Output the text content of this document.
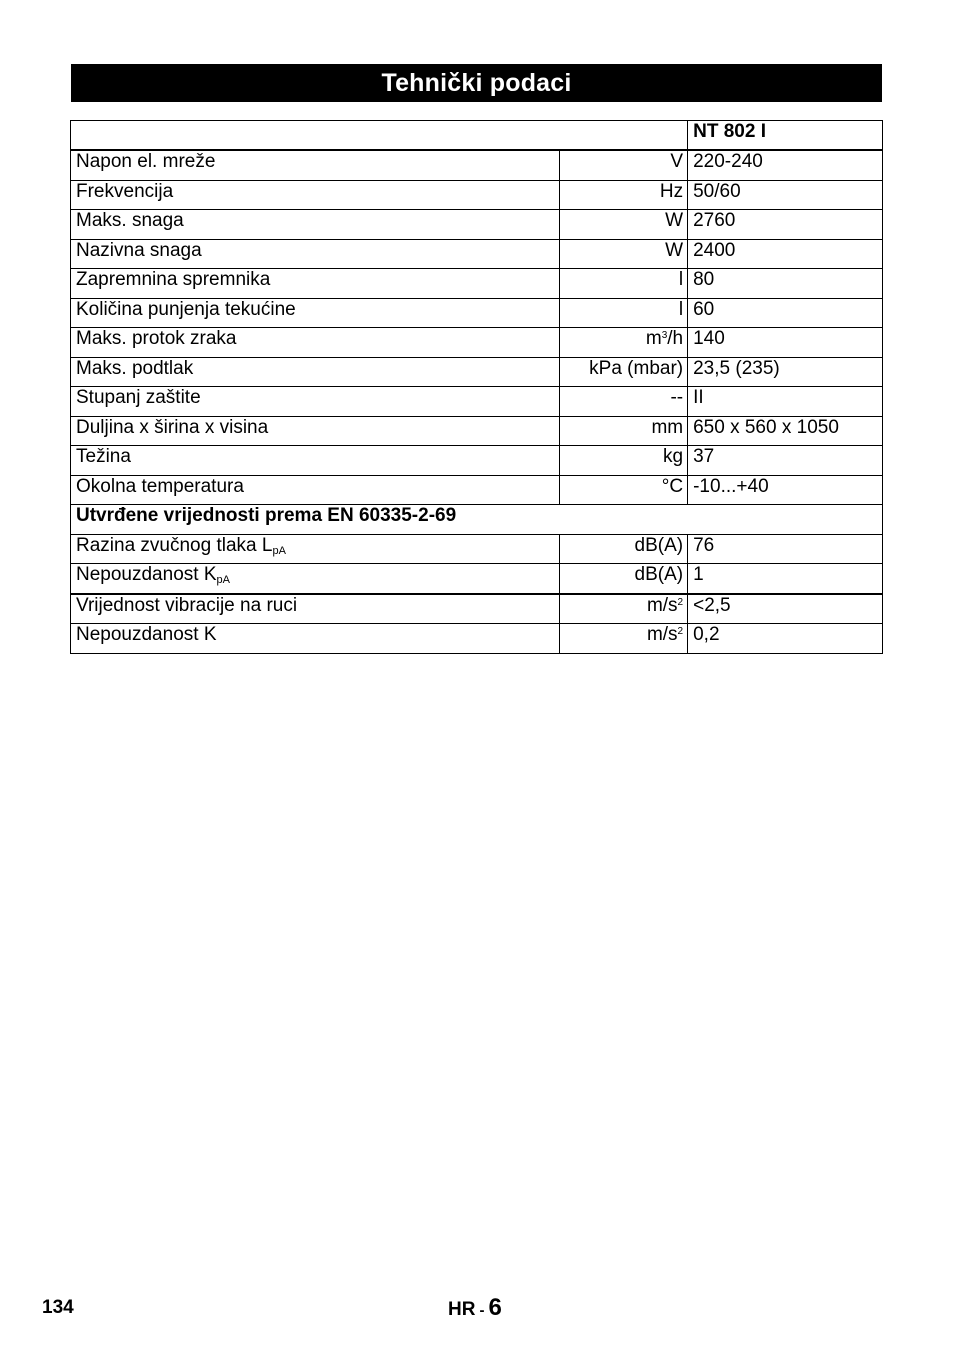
Tehnički podaci
		NT 802 I
Napon el. mreže	V	220-240
Frekvencija	Hz	50/60
Maks. snaga	W	2760
Nazivna snaga	W	2400
Zapremnina spremnika	l	80
Količina punjenja tekućine	l	60
Maks. protok zraka	$m^3/h$	140
Maks. podtlak	kPa (mbar)	23,5 (235)
Stupanj zaštite	--	II
Duljina x širina x visina	mm	650 x 560 x 1050
Težina	kg	37
Okolna temperatura	°C	-10...+40
Utvrđene vrijednosti prema EN 60335-2-69		
Razina zvučnog tlaka $L_{pA}$	dB(A)	76
Nepouzdanost $K_{pA}$	dB(A)	1
Vrijednost vibracije na ruci	$m/s^2$	<2,5
Nepouzdanost K	$m/s^2$	0,2
134	HR - 6
